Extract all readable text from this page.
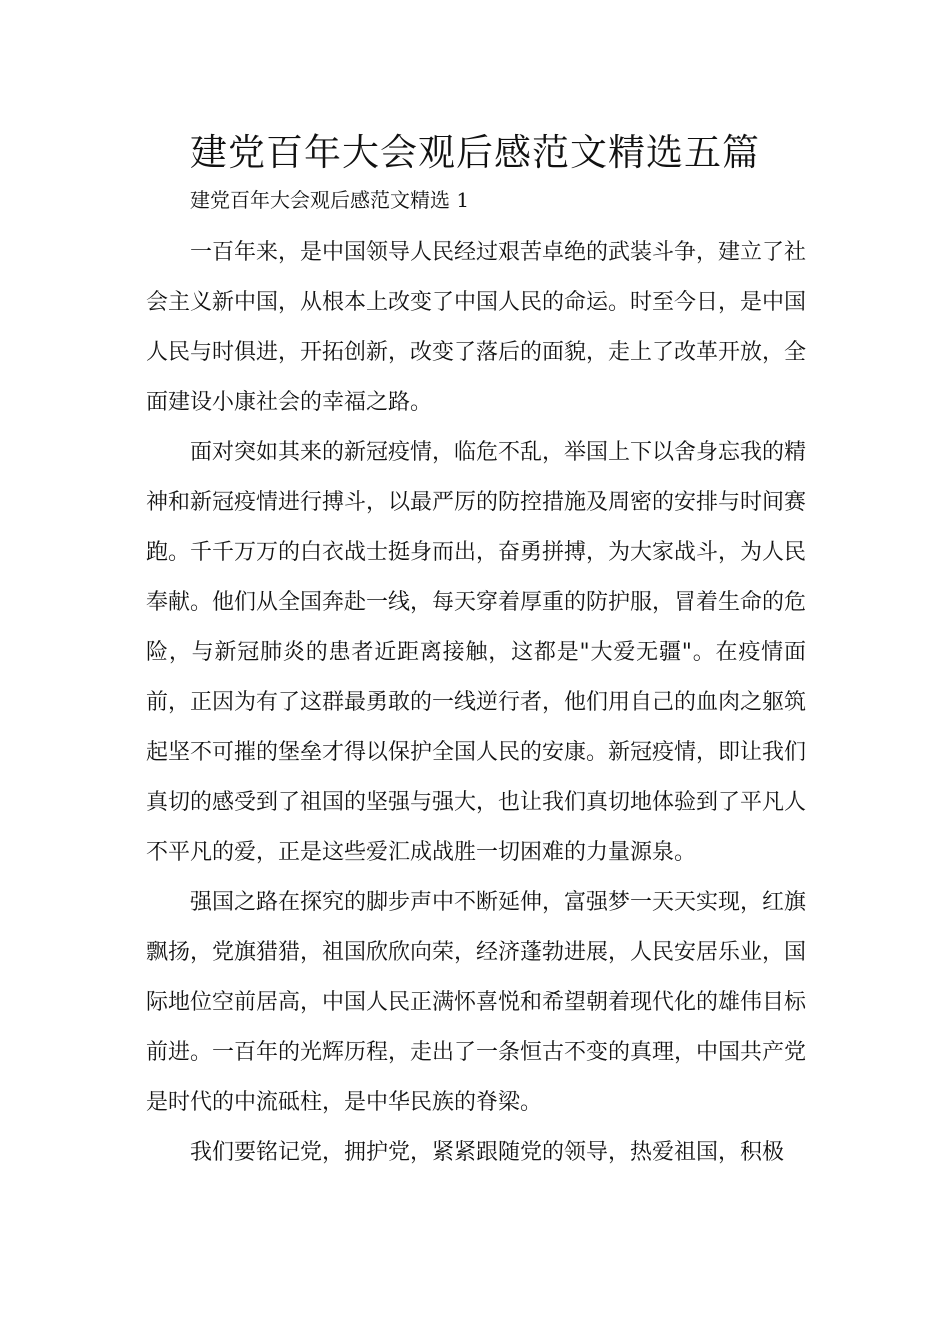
建党百年大会观后感范文精选五篇

建党百年大会观后感范文精选 1

一百年来，是中国领导人民经过艰苦卓绝的武装斗争，建立了社会主义新中国，从根本上改变了中国人民的命运。时至今日，是中国人民与时俱进，开拓创新，改变了落后的面貌，走上了改革开放，全面建设小康社会的幸福之路。

面对突如其来的新冠疫情，临危不乱，举国上下以舍身忘我的精神和新冠疫情进行搏斗，以最严厉的防控措施及周密的安排与时间赛跑。千千万万的白衣战士挺身而出，奋勇拼搏，为大家战斗，为人民奉献。他们从全国奔赴一线，每天穿着厚重的防护服，冒着生命的危险，与新冠肺炎的患者近距离接触，这都是"大爱无疆"。在疫情面前，正因为有了这群最勇敢的一线逆行者，他们用自己的血肉之躯筑起坚不可摧的堡垒才得以保护全国人民的安康。新冠疫情，即让我们真切的感受到了祖国的坚强与强大，也让我们真切地体验到了平凡人不平凡的爱，正是这些爱汇成战胜一切困难的力量源泉。

强国之路在探究的脚步声中不断延伸，富强梦一天天实现，红旗飘扬，党旗猎猎，祖国欣欣向荣，经济蓬勃进展，人民安居乐业，国际地位空前居高，中国人民正满怀喜悦和希望朝着现代化的雄伟目标前进。一百年的光辉历程，走出了一条恒古不变的真理，中国共产党是时代的中流砥柱，是中华民族的脊梁。

我们要铭记党，拥护党，紧紧跟随党的领导，热爱祖国，积极
